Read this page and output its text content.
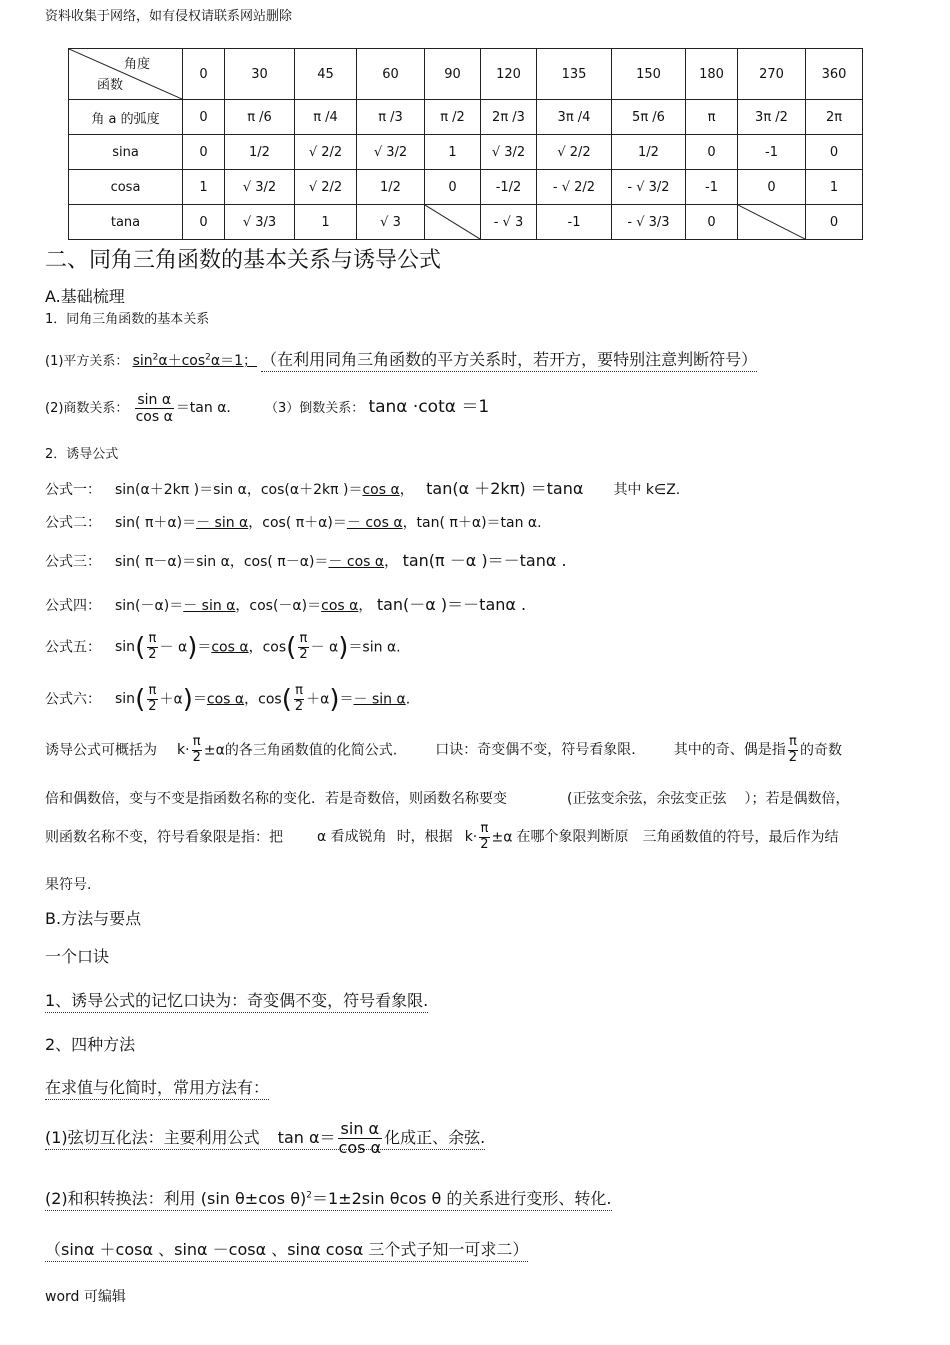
资料收集于网络，如有侵权请联系网站删除
角度
函数	0	30	45	60	90	120	135	150	180	270	360
角 a 的弧度	0	π /6	π /4	π /3	π /2	2π /3	3π /4	5π /6	π	3π /2	2π
sina	0	1/2	√ 2/2	√ 3/2	1	√ 3/2	√ 2/2	1/2	0	-1	0
cosa	1	√ 3/2	√ 2/2	1/2	0	-1/2	- √ 2/2	- √ 3/2	-1	0	1
tana	0	√ 3/3	1	√ 3		- √ 3	-1	- √ 3/3	0		0
二、同角三角函数的基本关系与诱导公式
A.基础梳理
1．同角三角函数的基本关系
(1)平方关系： $\sin^2\alpha+\cos^2\alpha=1$； （在利用同角三角函数的平方关系时，若开方，要特别注意判断符号）
(2)商数关系： $\frac{\text{sin α}}{\text{cos α}} =\tan$ α.	（3）倒数关系： tanα ·cotα ＝1
2．诱导公式
公式一： sin(α＋2kπ )＝sin α，cos(α＋2kπ )＝cos α， tan(α ＋2kπ) ＝tanα 其中 k∈Z.
公式二： sin( π＋α)＝－ sin α，cos( π＋α)＝－ cos α，tan( π＋α)＝tan α.
公式三： sin( π－α)＝sin α，cos( π－α)＝－ cos α， tan(π －α )＝－tanα .
公式四： sin(－α)＝－ sin α，cos(－α)＝cos α， tan(－α )＝－tanα .
公式五： $\sin( \frac{\pi}{2} - \alpha)=\cos$ α，$\cos( \frac{\pi}{2} - \alpha)=\sin$ α.
公式六： $\sin( \frac{\pi}{2} +\alpha)=\cos$ α，$\cos( \frac{\pi}{2} +\alpha)=- \sin \alpha$.
诱导公式可概括为 $k\cdot \frac{\pi}{2} \pm\alpha$的各三角函数值的化简公式.	口诀：奇变偶不变，符号看象限.	其中的奇、偶是指 $\frac{\pi}{2}$ 的奇数
倍和偶数倍，变与不变是指函数名称的变化．若是奇数倍，则函数名称要变	(正弦变余弦，余弦变正弦 ）；若是偶数倍，
则函数名称不变，符号看象限是指：把 α 看成锐角 时，根据 $k\cdot \frac{\pi}{2} \pm\alpha$ 在哪个象限判断原 三角函数值的符号，最后作为结
果符号.
B.方法与要点
一个口诀
1、诱导公式的记忆口诀为：奇变偶不变，符号看象限.
2、四种方法
在求值与化简时，常用方法有：
(1)弦切互化法：主要利用公式 $\tan \alpha= \frac{\text{sin α}}{\text{cos α}}$ 化成正、余弦.
(2)和积转换法：利用 (sin θ±cos θ)$^2$＝1±2sin θcos θ 的关系进行变形、转化.
（sinα ＋cosα 、sinα －cosα 、sinα cosα 三个式子知一可求二）
word 可编辑
